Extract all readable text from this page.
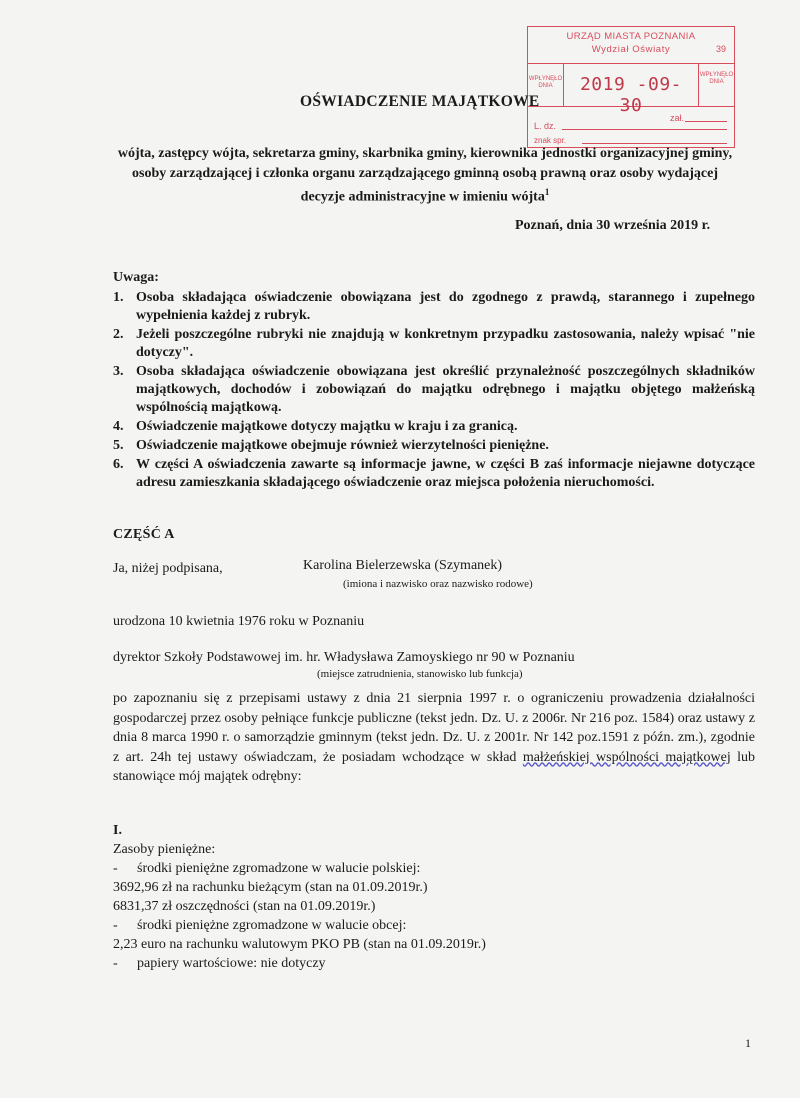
URZĄD MIASTA POZNANIA
Wydział Oświaty	39
WPŁYNĘŁO DNIA	2019 -09- 30
WPŁYNĘŁO DNIA
zał.
L. dz.
znak spr.
OŚWIADCZENIE MAJĄTKOWE
wójta, zastępcy wójta, sekretarza gminy, skarbnika gminy, kierownika jednostki organizacyjnej gminy, osoby zarządzającej i członka organu zarządzającego gminną osobą prawną oraz osoby wydającej decyzje administracyjne w imieniu wójta$^1$
Poznań, dnia 30 września 2019 r.
Uwaga:
1. Osoba składająca oświadczenie obowiązana jest do zgodnego z prawdą, starannego i zupełnego wypełnienia każdej z rubryk.
2. Jeżeli poszczególne rubryki nie znajdują w konkretnym przypadku zastosowania, należy wpisać "nie dotyczy".
3. Osoba składająca oświadczenie obowiązana jest określić przynależność poszczególnych składników majątkowych, dochodów i zobowiązań do majątku odrębnego i majątku objętego małżeńską wspólnością majątkową.
4. Oświadczenie majątkowe dotyczy majątku w kraju i za granicą.
5. Oświadczenie majątkowe obejmuje również wierzytelności pieniężne.
6. W części A oświadczenia zawarte są informacje jawne, w części B zaś informacje niejawne dotyczące adresu zamieszkania składającego oświadczenie oraz miejsca położenia nieruchomości.
CZĘŚĆ A
Ja, niżej podpisana,	Karolina Bielerzewska (Szymanek)
(imiona i nazwisko oraz nazwisko rodowe)
urodzona 10 kwietnia 1976 roku w Poznaniu
dyrektor Szkoły Podstawowej im. hr. Władysława Zamoyskiego nr 90 w Poznaniu
(miejsce zatrudnienia, stanowisko lub funkcja)
po zapoznaniu się z przepisami ustawy z dnia 21 sierpnia 1997 r. o ograniczeniu prowadzenia działalności gospodarczej przez osoby pełniące funkcje publiczne (tekst jedn. Dz. U. z 2006r. Nr 216 poz. 1584) oraz ustawy z dnia 8 marca 1990 r. o samorządzie gminnym (tekst jedn. Dz. U. z 2001r. Nr 142 poz.1591 z późn. zm.), zgodnie z art. 24h tej ustawy oświadczam, że posiadam wchodzące w skład małżeńskiej wspólności majątkowej lub stanowiące mój majątek odrębny:
I.
Zasoby pieniężne:
- środki pieniężne zgromadzone w walucie polskiej:
3692,96 zł na rachunku bieżącym (stan na 01.09.2019r.)
6831,37 zł oszczędności (stan na 01.09.2019r.)
- środki pieniężne zgromadzone w walucie obcej:
2,23 euro na rachunku walutowym PKO PB (stan na 01.09.2019r.)
- papiery wartościowe: nie dotyczy
1
